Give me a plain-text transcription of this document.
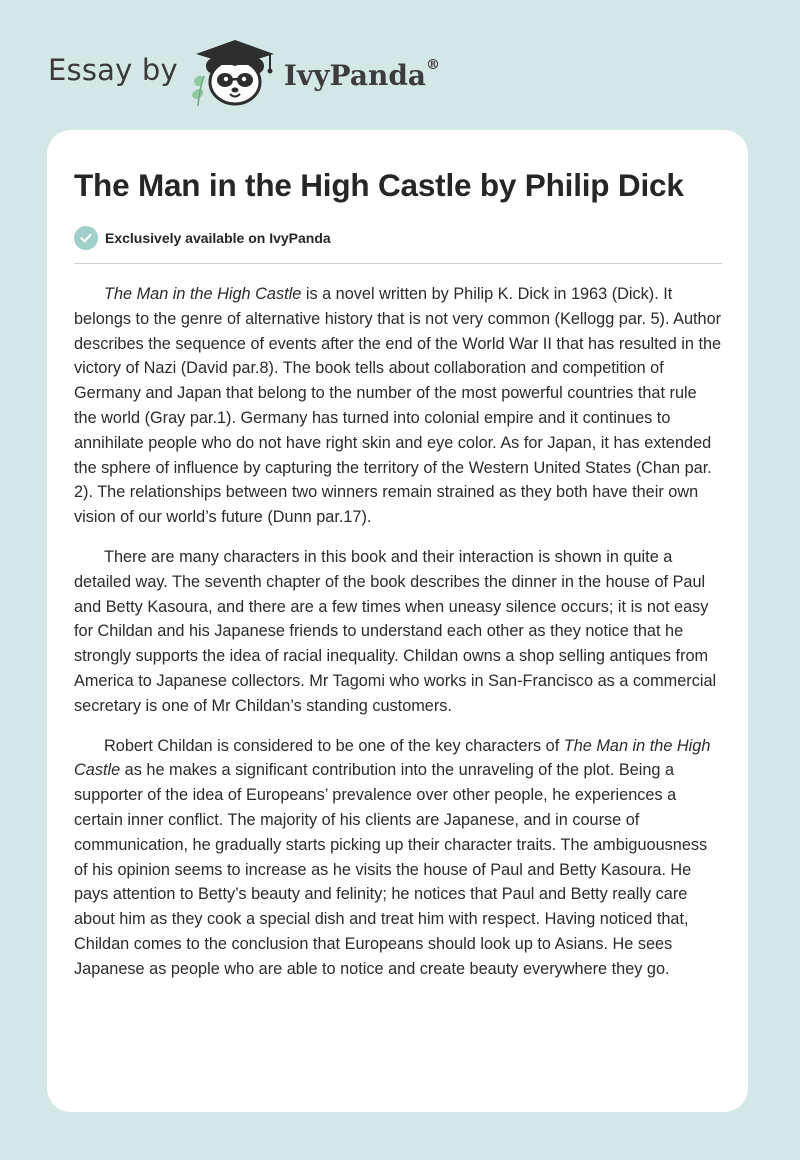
Essay by	IvyPanda®
The Man in the High Castle by Philip Dick
Exclusively available on IvyPanda

The Man in the High Castle is a novel written by Philip K. Dick in 1963 (Dick). It belongs to the genre of alternative history that is not very common (Kellogg par. 5). Author describes the sequence of events after the end of the World War II that has resulted in the victory of Nazi (David par.8). The book tells about collaboration and competition of Germany and Japan that belong to the number of the most powerful countries that rule the world (Gray par.1). Germany has turned into colonial empire and it continues to annihilate people who do not have right skin and eye color. As for Japan, it has extended the sphere of influence by capturing the territory of the Western United States (Chan par. 2). The relationships between two winners remain strained as they both have their own vision of our world’s future (Dunn par.17).

There are many characters in this book and their interaction is shown in quite a detailed way. The seventh chapter of the book describes the dinner in the house of Paul and Betty Kasoura, and there are a few times when uneasy silence occurs; it is not easy for Childan and his Japanese friends to understand each other as they notice that he strongly supports the idea of racial inequality. Childan owns a shop selling antiques from America to Japanese collectors. Mr Tagomi who works in San-Francisco as a commercial secretary is one of Mr Childan’s standing customers.

Robert Childan is considered to be one of the key characters of The Man in the High Castle as he makes a significant contribution into the unraveling of the plot. Being a supporter of the idea of Europeans’ prevalence over other people, he experiences a certain inner conflict. The majority of his clients are Japanese, and in course of communication, he gradually starts picking up their character traits. The ambiguousness of his opinion seems to increase as he visits the house of Paul and Betty Kasoura. He pays attention to Betty’s beauty and felinity; he notices that Paul and Betty really care about him as they cook a special dish and treat him with respect. Having noticed that, Childan comes to the conclusion that Europeans should look up to Asians. He sees Japanese as people who are able to notice and create beauty everywhere they go.
